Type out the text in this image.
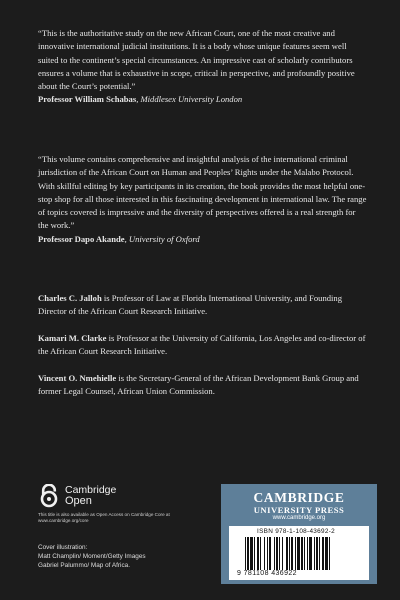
“This is the authoritative study on the new African Court, one of the most creative and innovative international judicial institutions. It is a body whose unique features seem well suited to the continent’s special circumstances. An impressive cast of scholarly contributors ensures a volume that is exhaustive in scope, critical in perspective, and profoundly positive about the Court’s potential.”
Professor William Schabas, Middlesex University London

“This volume contains comprehensive and insightful analysis of the international criminal jurisdiction of the African Court on Human and Peoples’ Rights under the Malabo Protocol. With skillful editing by key participants in its creation, the book provides the most helpful one-stop shop for all those interested in this fascinating development in international law. The range of topics covered is impressive and the diversity of perspectives offered is a real strength for the work.”
Professor Dapo Akande, University of Oxford

Charles C. Jalloh is Professor of Law at Florida International University, and Founding Director of the African Court Research Initiative.

Kamari M. Clarke is Professor at the University of California, Los Angeles and co-director of the African Court Research Initiative.

Vincent O. Nmehielle is the Secretary-General of the African Development Bank Group and former Legal Counsel, African Union Commission.

Cambridge
Open
This title is also available as Open Access on Cambridge Core at www.cambridge.org/core
Cover illustration:
Matt Champlin/ Moment/Getty Images
Gabriel Palummo/ Map of Africa.
CAMBRIDGE
UNIVERSITY PRESS
www.cambridge.org
ISBN 978-1-108-43692-2
9 781108 436922
